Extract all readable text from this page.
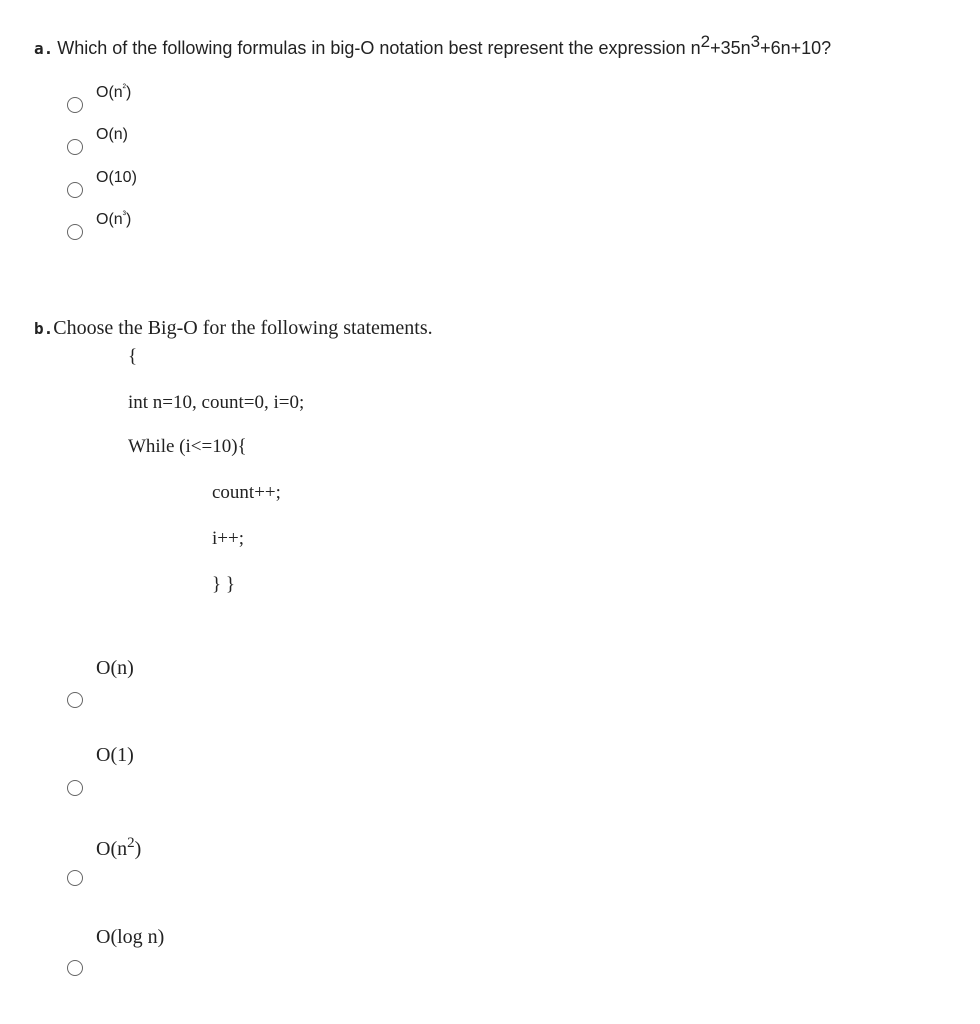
a. Which of the following formulas in big-O notation best represent the expression $n^2+35n^3+6n+10$?
$O(n^{^2})$
O(n)
O(10)
$O(n^{^3})$
b.Choose the Big-O for the following statements.
{
int n=10, count=0, i=0;
While (i<=10){
count++;
i++;
} }
O(n)
O(1)
$O(n^2)$
O(log n)
